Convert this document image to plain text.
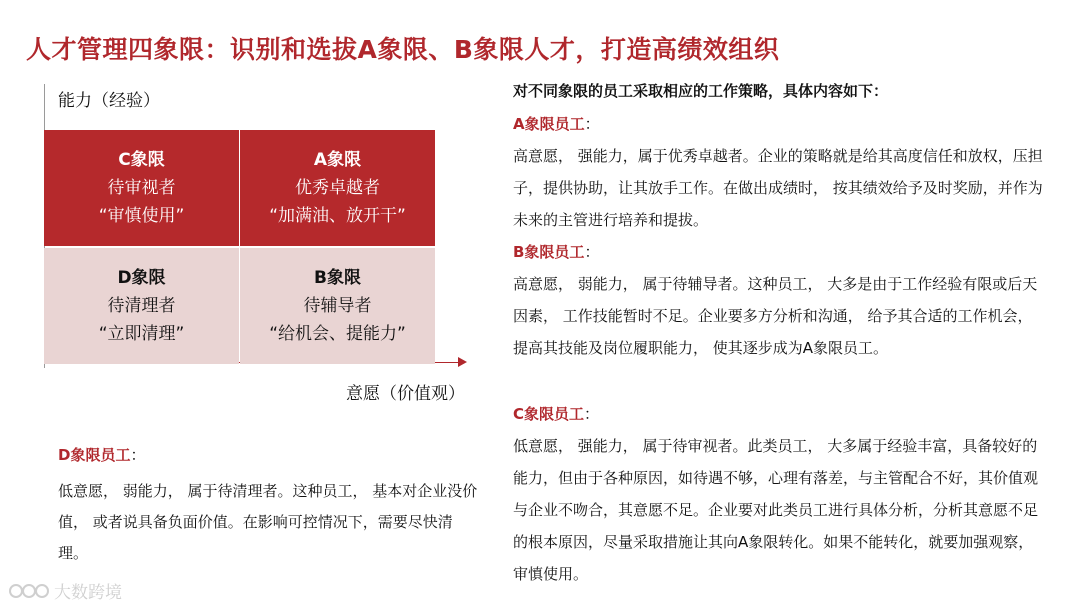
人才管理四象限：识别和选拔A象限、B象限人才，打造高绩效组织
能力（经验）
意愿（价值观）
C象限
待审视者
“审慎使用”
A象限
优秀卓越者
“加满油、放开干”
D象限
待清理者
“立即清理”
B象限
待辅导者
“给机会、提能力”
D象限员工：
低意愿， 弱能力， 属于待清理者。这种员工， 基本对企业没价值， 或者说具备负面价值。在影响可控情况下，需要尽快清理。
对不同象限的员工采取相应的工作策略，具体内容如下：
A象限员工：
高意愿， 强能力，属于优秀卓越者。企业的策略就是给其高度信任和放权，压担子，提供协助，让其放手工作。在做出成绩时， 按其绩效给予及时奖励，并作为未来的主管进行培养和提拔。
B象限员工：
高意愿， 弱能力， 属于待辅导者。这种员工， 大多是由于工作经验有限或后天因素， 工作技能暂时不足。企业要多方分析和沟通， 给予其合适的工作机会， 提高其技能及岗位履职能力， 使其逐步成为A象限员工。
C象限员工：
低意愿， 强能力， 属于待审视者。此类员工， 大多属于经验丰富，具备较好的能力，但由于各种原因，如待遇不够，心理有落差，与主管配合不好，其价值观与企业不吻合，其意愿不足。企业要对此类员工进行具体分析，分析其意愿不足的根本原因，尽量采取措施让其向A象限转化。如果不能转化，就要加强观察，审慎使用。
大数跨境
